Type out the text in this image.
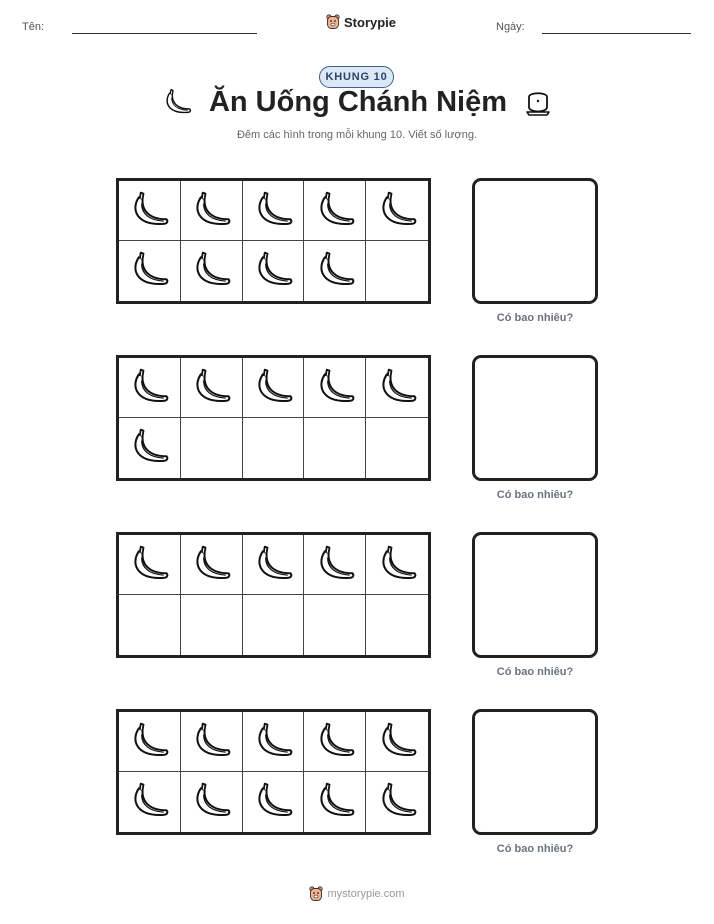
Tên:	Storypie	Ngày:
KHUNG 10
Ăn Uống Chánh Niệm
Đếm các hình trong mỗi khung 10. Viết số lượng.
Có bao nhiêu?
Có bao nhiêu?
Có bao nhiêu?
Có bao nhiêu?
mystorypie.com
